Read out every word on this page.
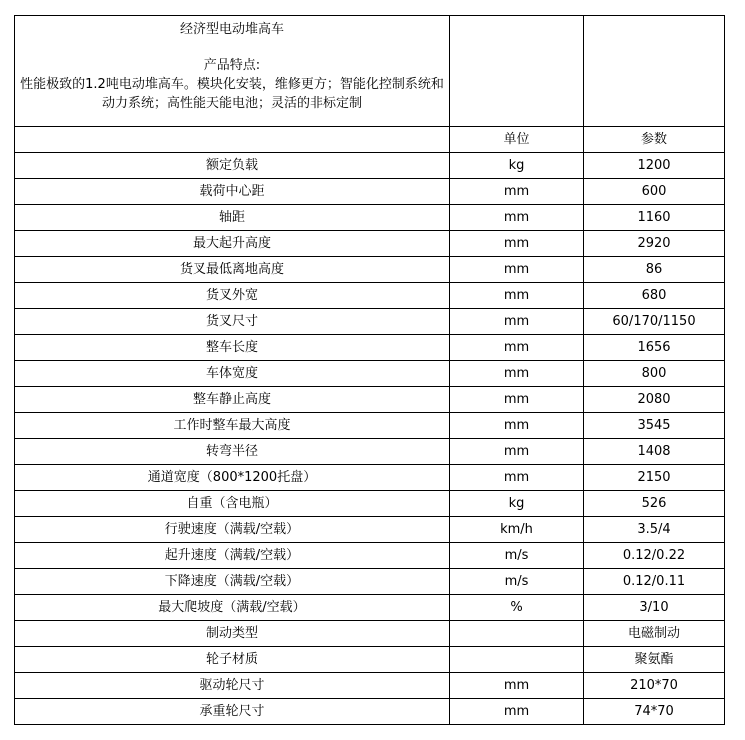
经济型电动堆高车
产品特点:
性能极致的1.2吨电动堆高车。模块化安装，维修更方；智能化控制系统和动力系统；高性能天能电池；灵活的非标定制		

	单位	参数
额定负载	kg	1200
载荷中心距	mm	600
轴距	mm	1160
最大起升高度	mm	2920
货叉最低离地高度	mm	86
货叉外宽	mm	680
货叉尺寸	mm	60/170/1150
整车长度	mm	1656
车体宽度	mm	800
整车静止高度	mm	2080
工作时整车最大高度	mm	3545
转弯半径	mm	1408
通道宽度（800*1200托盘）	mm	2150
自重（含电瓶）	kg	526
行驶速度（满载/空载）	km/h	3.5/4
起升速度（满载/空载）	m/s	0.12/0.22
下降速度（满载/空载）	m/s	0.12/0.11
最大爬坡度（满载/空载）	%	3/10
制动类型		电磁制动
轮子材质		聚氨酯
驱动轮尺寸	mm	210*70
承重轮尺寸	mm	74*70
